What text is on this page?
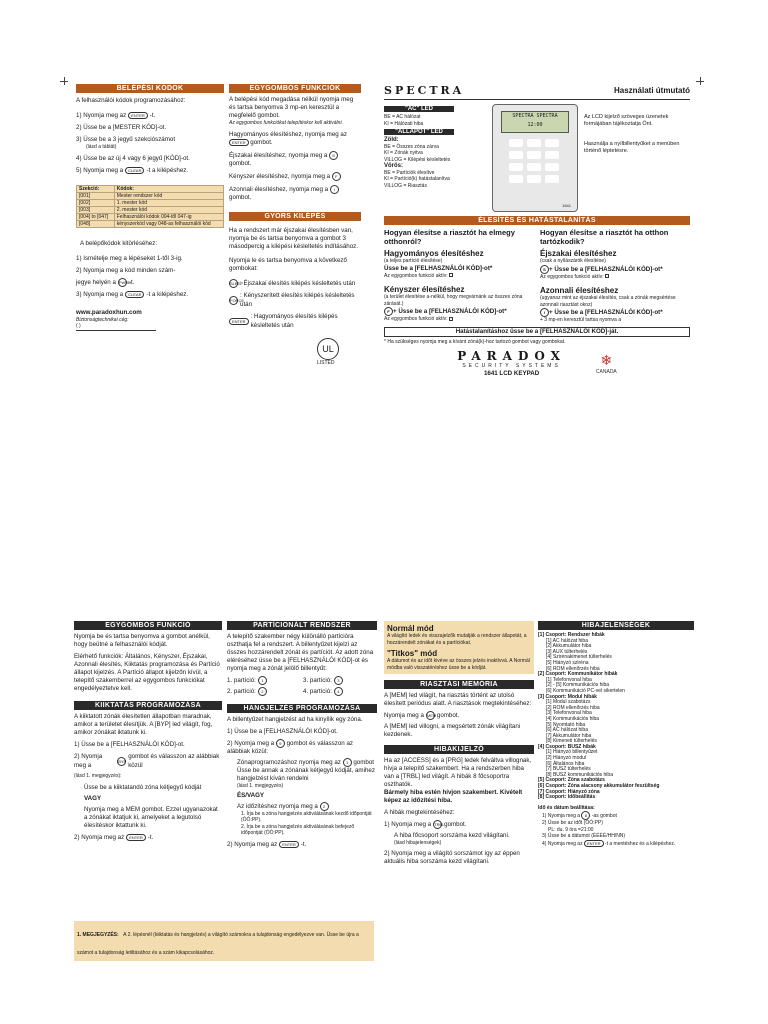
BELÉPÉSI KÓDOK
A felhasználói kódok programozásához:
1) Nyomja meg az	ENTER -t.
2) Üsse be a [MESTER KÓD]-ot.
3) Üsse be a 3 jegyű szekciószámot
(lásd a táblát)
4) Üsse be az új 4 vagy 6 jegyű [KÓD]-ot.
5) Nyomja meg a	CLEAR -t a kilépéshez.
Szekció:	Kódok:
[001]	Mester rendszer kód
[002]	1. mester kód
[003]	2. mester kód
[004] to [047]	Felhasználói kódok 004-től 047-ig
[048]	kényszerkód vagy 048-as felhasználói kód
A belépőkódok kitörléséhez:
1) Ismételje meg a lépéseket 1-től 3-ig.
2) Nyomja meg a kód minden szám-
jegye helyén a FWRD
-t.
3) Nyomja meg a	CLEAR -t a kilépéshez.
www.paradoxhun.com
Biztonságtechnikai cég:
( )
EGYGOMBOS FUNKCIÓK
A belépési kód megadása nélkül nyomja meg és tartsa benyomva 3 mp-en keresztül a megfelelő gombot.
Az egygombos funkciókat telepítéskor kell aktiválni.
Hagyományos élesítéshez, nyomja meg az ENTER gombot.
Éjszakai élesítéshez, nyomja meg a S gombot.
Kényszer élesítéshez, nyomja meg a F
Azonnali élesítéshez, nyomja meg a I gombot.
GYORS KILÉPÉS
Ha a rendszert már éjszakai élesítésben van, nyomja be és tartsa benyomva a gombot 3 másodpercig a kilépési késleltetés indításához.
Nyomja le és tartsa benyomva a következő gombokat:
SLEEP
: Éjszakai élesítés kilépés késleltetés után
FORCE
: Kényszerített élesítés kilépés késleltetés után
ENTER
: Hagyományos élesítés kilépés késleltetés után
UL
LISTED
SPECTRA	Használati útmutató
"AC" LED
BE = AC hálózat
KI = Hálózati hiba
"ÁLLAPOT" LED
Zöld:
BE = Összes zóna zárva
KI = Zónák nyitva
VILLOG = Kilépési késleltetés
Vörös:
BE = Partíciók élesítve
KI = Partíció(k) hatástalanítva
VILLOG = Riasztás
SPECTRA SPECTRA
12:00
1641
Az LCD kijelző szöveges üzenetek formájában tájékoztatja Önt.
Használja a nyílbillentyűket a menüben történő léptetésre.
ÉLESÍTÉS ÉS HATÁSTALANÍTÁS
Hogyan élesítse a riasztót ha elmegy otthonról?
Hagyományos élesítéshez
(a teljes partíció élesítése)
Üsse be a [FELHASZNÁLÓI KÓD]-ot*
Az egygombos funkció aktív:
Kényszer élesítéshez
(a terület élesítése a-nélkül, hogy megvárnánk az összes zóna zárását.)
F + Üsse be a [FELHASZNÁLÓI KÓD]-ot*
Az egygombos funkció aktív:
Hogyan élesítse a riasztót ha otthon tartózkodik?
Éjszakai élesítéshez
(csak a nyílászárók élesítése)
S + Üsse be a [FELHASZNÁLÓI KÓD]-ot*
Az egygombos funkció aktív:
Azonnali élesítéshez
(ugyanaz mint az éjszakai élesítés, csak a zónák megsértése azonnali riasztást okoz)
I + Üsse be a [FELHASZNÁLÓI KÓD]-ot*
+ 3 mp-en keresztül tartsa nyomva a
Hatástalanításhoz üsse be a [FELHASZNÁLÓI KÓD]-ját.
* Ha szükséges nyomja meg a kívánt zóná(k)-hoz tartozó gombot vagy gombokat.
PARADOX
SECURITY SYSTEMS
1641 LCD KEYPAD
❄
CANADA
EGYGOMBOS FUNKCIÓ
Nyomja be és tartsa benyomva a gombot anélkül, hogy beütné a felhasználói kódját.
Elérhető funkciók: Általános, Kényszer, Éjszakai, Azonnali élesítés, Kiiktatás programozása és Partíció állapot kijelzés. A Partíció állapot kijelzőn kívül, a telepítő szakemberrel az egygombos funkciókat engedélyeztetve kell.
KIIKTATÁS PROGRAMOZÁSA
A kiiktatott zónák élesítetlen állapotban maradnak, amikor a területet élesítjük. A [BYP] led világít, fog, amikor zónákat iktatunk ki.
1) Üsse be a [FELHASZNÁLÓI KÓD]-ot.
2) Nyomja meg a
BYP
gombot és válasszon az alábbiak közül
(lásd 1. megjegyzés):
Üsse be a kiiktatandó zóna kétjegyű kódját
VAGY
Nyomja meg a MEM gombot. Ezzel ugyanazokat a zónákat iktatjuk ki, amelyeket a legutolsó élesítéskor iktattunk ki.
2) Nyomja meg az	ENTER -t.
PARTÍCIONÁLT RENDSZER
A telepítő szakember négy különálló partícióra oszthatja fel a rendszert. A billentyűzet kijelzi az összes hozzárendelt zónát és partíciót. Az adott zóna eléréséhez üsse be a [FELHASZNÁLÓI KÓD]-ot és nyomja meg a zónát jelölő billentyűt:
1. partíció:	1	3. partíció:	3
2. partíció:	2	4. partíció:	4
HANGJELZÉS PROGRAMOZÁSA
A billentyűzet hangjelzést ad ha kinyílik egy zóna.
1) Üsse be a [FELHASZNÁLÓI KÓD]-ot.
2) Nyomja meg a 9 gombot és válasszon az alábbiak közül:
Zónaprogramozáshoz nyomja meg az 1 gombot
Üsse be annak a zónának kétjegyű kódját, amihez hangjelzést kíván rendelni
(lásd 1. megjegyzés)
ÉS/VAGY
Az időzítéshez nyomja meg a 2
1. Írja be a zóna hangjelzés aktiválásának kezdő időpontját (ÓÓ:PP).
2. Írja be a zóna hangjelzés aktiválásának befejező időpontját (ÓÓ:PP).
2) Nyomja meg az	ENTER -t.
Normál mód
A világító ledek és visszajelzők mutatják a rendszer állapotát, a hozzárendelt zónákat és a partíciókat.
"Titkos" mód
A dátumot és az időt kivéve az összes jelzés inaktívvá. A Normál módba való visszatéréshez üsse be a kódját.
RIASZTÁSI MEMÓRIA
A [MEM] led világít, ha riasztás történt az utolsó élesített periódus alatt. A riasztások megtekintéséhez:
Nyomja meg a MEM gombot.
A [MEM] led villogni, a megsértett zónák világítani kezdenek.
HIBAKIJELZŐ
Ha az [ACCESS] és a [PRG] ledek felváltva villognak, hívja a telepítő szakembert. Ha a rendszerben hiba van a [TRBL] led világít. A hibák 8 főcsoportra oszthatók.
Bármely hiba estén hívjon szakembert. Kivételt képez az időzítési hiba.
A hibák megtekintéséhez:
1) Nyomja meg a TRBL gombot.
A hiba főcsoport sorszáma kezd világítani.
(lásd hibajelenségek)
2) Nyomja meg a világító sorszámot így az éppen aktuális hiba sorszáma kezd világítani.
HIBAJELENSÉGEK
[1] Csoport: Rendszer hibák
[1] AC hálózat hiba
[2] Akkumulátor hiba
[3] AUX túlterhelés
[4] Szirénakimenet túlterhelés
[5] Hiányzó sziréna
[6] ROM ellenőrzés hiba
[2] Csoport: Kommunikátor hibák
[1] Telefonvonal hiba
[2] - [5] Kommunikációs hiba
[6] Kommunikáció PC-vel sikertelen
[3] Csoport: Modul hibák
[1] Modul szabotázs
[2] ROM ellenőrzés hiba
[3] Telefonvonal hiba
[4] Kommunikációs hiba
[5] Nyomtató hiba
[6] AC hálózat hiba
[7] Akkumulátor hiba
[8] Kimeneti túlterhelés
[4] Csoport: BUSZ hibák
[1] Hiányzó billentyűzet
[2] Hiányzó modul
[6] Általános hiba
[7] BUSZ túlterhelés
[8] BUSZ kommunikációs hiba
[5] Csoport: Zóna szabotázs
[6] Csoport: Zóna alacsony akkumulátor feszültség
[7] Csoport: Hiányzó zóna
[8] Csoport: Időbeállítás
Idő és dátum beállítása:
1) Nyomja meg a 8 -as gombot
2) Üsse be az időt (ÓÓ:PP)
PL: du. 9 óra =21:00
3) Üsse be a dátumot (ÉÉÉÉ/HH/NN)
4) Nyomja meg az ENTER -t a mentéshez és a kilépéshez.
1. MEGJEGYZÉS: A 2. lépésnél (kiiktatás és hangjelzés) a világító számokra a tulajdonság engedélyezve van. Üsse be újra a számot a tulajdonság letiltásához és a szám kikapcsolásához.
